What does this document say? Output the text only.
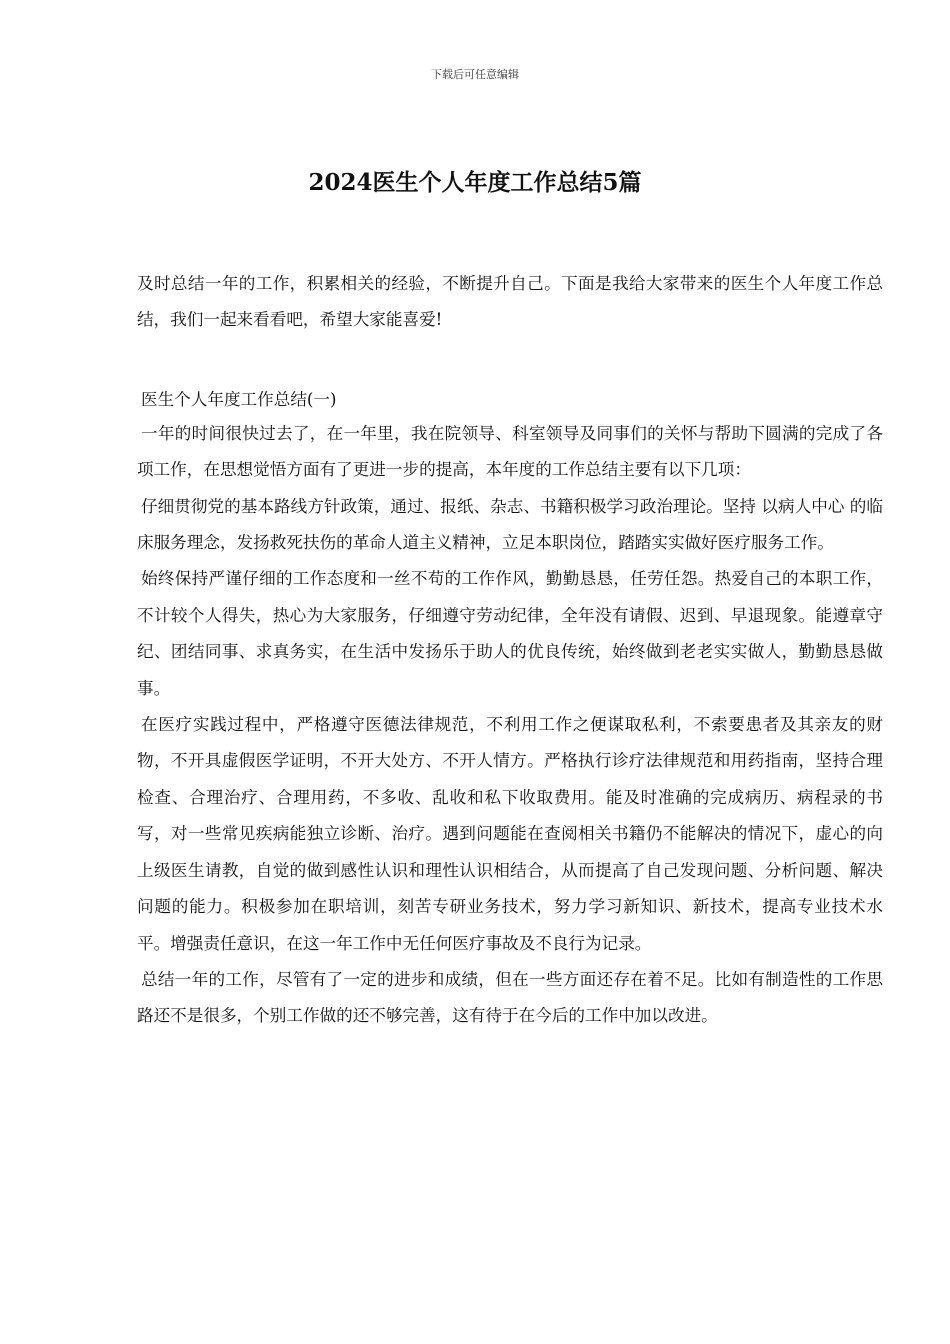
下载后可任意编辑
2024医生个人年度工作总结5篇

及时总结一年的工作，积累相关的经验，不断提升自己。下面是我给大家带来的医生个人年度工作总结，我们一起来看看吧，希望大家能喜爱!

医生个人年度工作总结(一)

一年的时间很快过去了，在一年里，我在院领导、科室领导及同事们的关怀与帮助下圆满的完成了各项工作，在思想觉悟方面有了更进一步的提高，本年度的工作总结主要有以下几项：

仔细贯彻党的基本路线方针政策，通过、报纸、杂志、书籍积极学习政治理论。坚持 以病人中心 的临床服务理念，发扬救死扶伤的革命人道主义精神，立足本职岗位，踏踏实实做好医疗服务工作。

始终保持严谨仔细的工作态度和一丝不苟的工作作风，勤勤恳恳，任劳任怨。热爱自己的本职工作，不计较个人得失，热心为大家服务，仔细遵守劳动纪律，全年没有请假、迟到、早退现象。能遵章守纪、团结同事、求真务实，在生活中发扬乐于助人的优良传统，始终做到老老实实做人，勤勤恳恳做事。

在医疗实践过程中，严格遵守医德法律规范，不利用工作之便谋取私利，不索要患者及其亲友的财物，不开具虚假医学证明，不开大处方、不开人情方。严格执行诊疗法律规范和用药指南，坚持合理检查、合理治疗、合理用药，不多收、乱收和私下收取费用。能及时准确的完成病历、病程录的书写，对一些常见疾病能独立诊断、治疗。遇到问题能在查阅相关书籍仍不能解决的情况下，虚心的向上级医生请教，自觉的做到感性认识和理性认识相结合，从而提高了自己发现问题、分析问题、解决问题的能力。积极参加在职培训，刻苦专研业务技术，努力学习新知识、新技术，提高专业技术水平。增强责任意识，在这一年工作中无任何医疗事故及不良行为记录。

总结一年的工作，尽管有了一定的进步和成绩，但在一些方面还存在着不足。比如有制造性的工作思路还不是很多，个别工作做的还不够完善，这有待于在今后的工作中加以改进。
